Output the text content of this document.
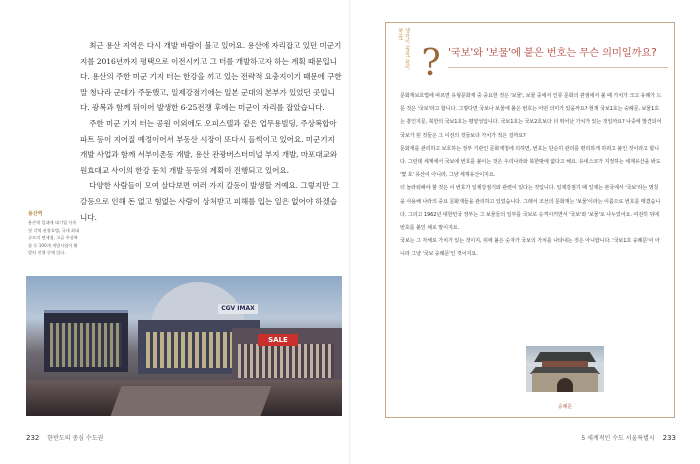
최근 용산 지역은 다시 개발 바람이 불고 있어요. 용산에 자리잡고 있던 미군기지를 2016년까지 평택으로 이전시키고 그 터를 개발하고자 하는 계획 때문입니다. 용산의 주한 미군 기지 터는 한강을 끼고 있는 전략적 요충지이기 때문에 구한말 청나라 군대가 주둔했고, 일제강점기에는 일본 군대의 본부가 있었던 곳입니다. 광복과 함께 뒤이어 발생한 6·25전쟁 후에는 미군이 자리를 잡았습니다.

주한 미군 기지 터는 공원 이외에도 오피스텔과 같은 업무용빌딩, 주상복합아파트 등이 지어질 예정이어서 부동산 시장이 또다시 들썩이고 있어요. 미군기지 개발 사업과 함께 서부이촌동 개발, 용산 관광버스터미널 부지 개발, 마포대교와 원효대교 사이의 한강 둔치 개발 등등의 계획이 진행되고 있어요.

다양한 사람들이 모여 살다보면 여러 가지 갈등이 발생할 거예요. 그렇지만 그 갈등으로 인해 돈 없고 힘없는 사람이 상처받고 피해를 입는 일은 없어야 하겠습니다.

용산역
용산역 일대에 대기업 사옥 및 각역 관광호텔, 국내 최대규모의 면세점, 고급 주상복합 등 100개 개발사업이 활발히 진행 중에 있다.
CGV IMAX
SALE
232 한반도의 중심 수도권
생각이 쑥쑥! 꿈이 쑥쑥!
? '국보'와 '보물'에 붙은 번호는 무슨 의미일까요?

문화재보호법에 따르면 유형문화재 중 중요한 것은 '보물', 보물 중에서 인류 문화의 관점에서 볼 때 가치가 크고 유례가 드문 것은 '국보'라고 합니다. 그렇다면 국보나 보물에 붙은 번호는 어떤 의미가 있을까요? 현재 국보1호는 숭례문, 보물1호는 흥인지문, 북한의 국보1호는 평양성입니다. 국보1호는 국보2호보다 더 뛰어난 가치가 있는 것일까요? 나중에 발견되어 국보가 된 것들은 그 이전의 것들보다 가치가 적은 걸까요?

문화재를 관리하고 보호하는 정부 기관인 문화재청에 의하면, 번호는 단순히 관리를 편리하게 하려고 붙인 것이라고 합니다. 그런데 세계에서 국보에 번호를 붙이는 것은 우리나라와 북한밖에 없다고 해요. 유네스코가 지정하는 세계유산을 봐도 '몇 호' 유산이 아니라, 그냥 세계유산이지요.

더 놀라워해야 할 것은 이 번호가 일제강점기와 관련이 있다는 것입니다. 일제강점기 때 일제는 본국에서 '국보'라는 명칭을 사용해 나라의 중요 문화재들을 관리하고 있었습니다. 그래서 조선의 문화재는 '보물'이라는 이름으로 번호를 매겼습니다. 그리고 1962년 대한민국 정부는 그 보물들의 일부를 국보로 승격시키면서 '국보'와 '보물'로 나누었어요. 여전히 뒤에 번호를 붙인 채로 말이지요.

국보는 그 자체로 가치가 있는 것이지, 뒤에 붙은 숫자가 국보의 가치를 나타내는 것은 아니랍니다. '국보1호 숭례문'이 아니라 그냥 '국보 숭례문'인 것이지요.

숭례문
5 세계적인 수도 서울특별시 233
